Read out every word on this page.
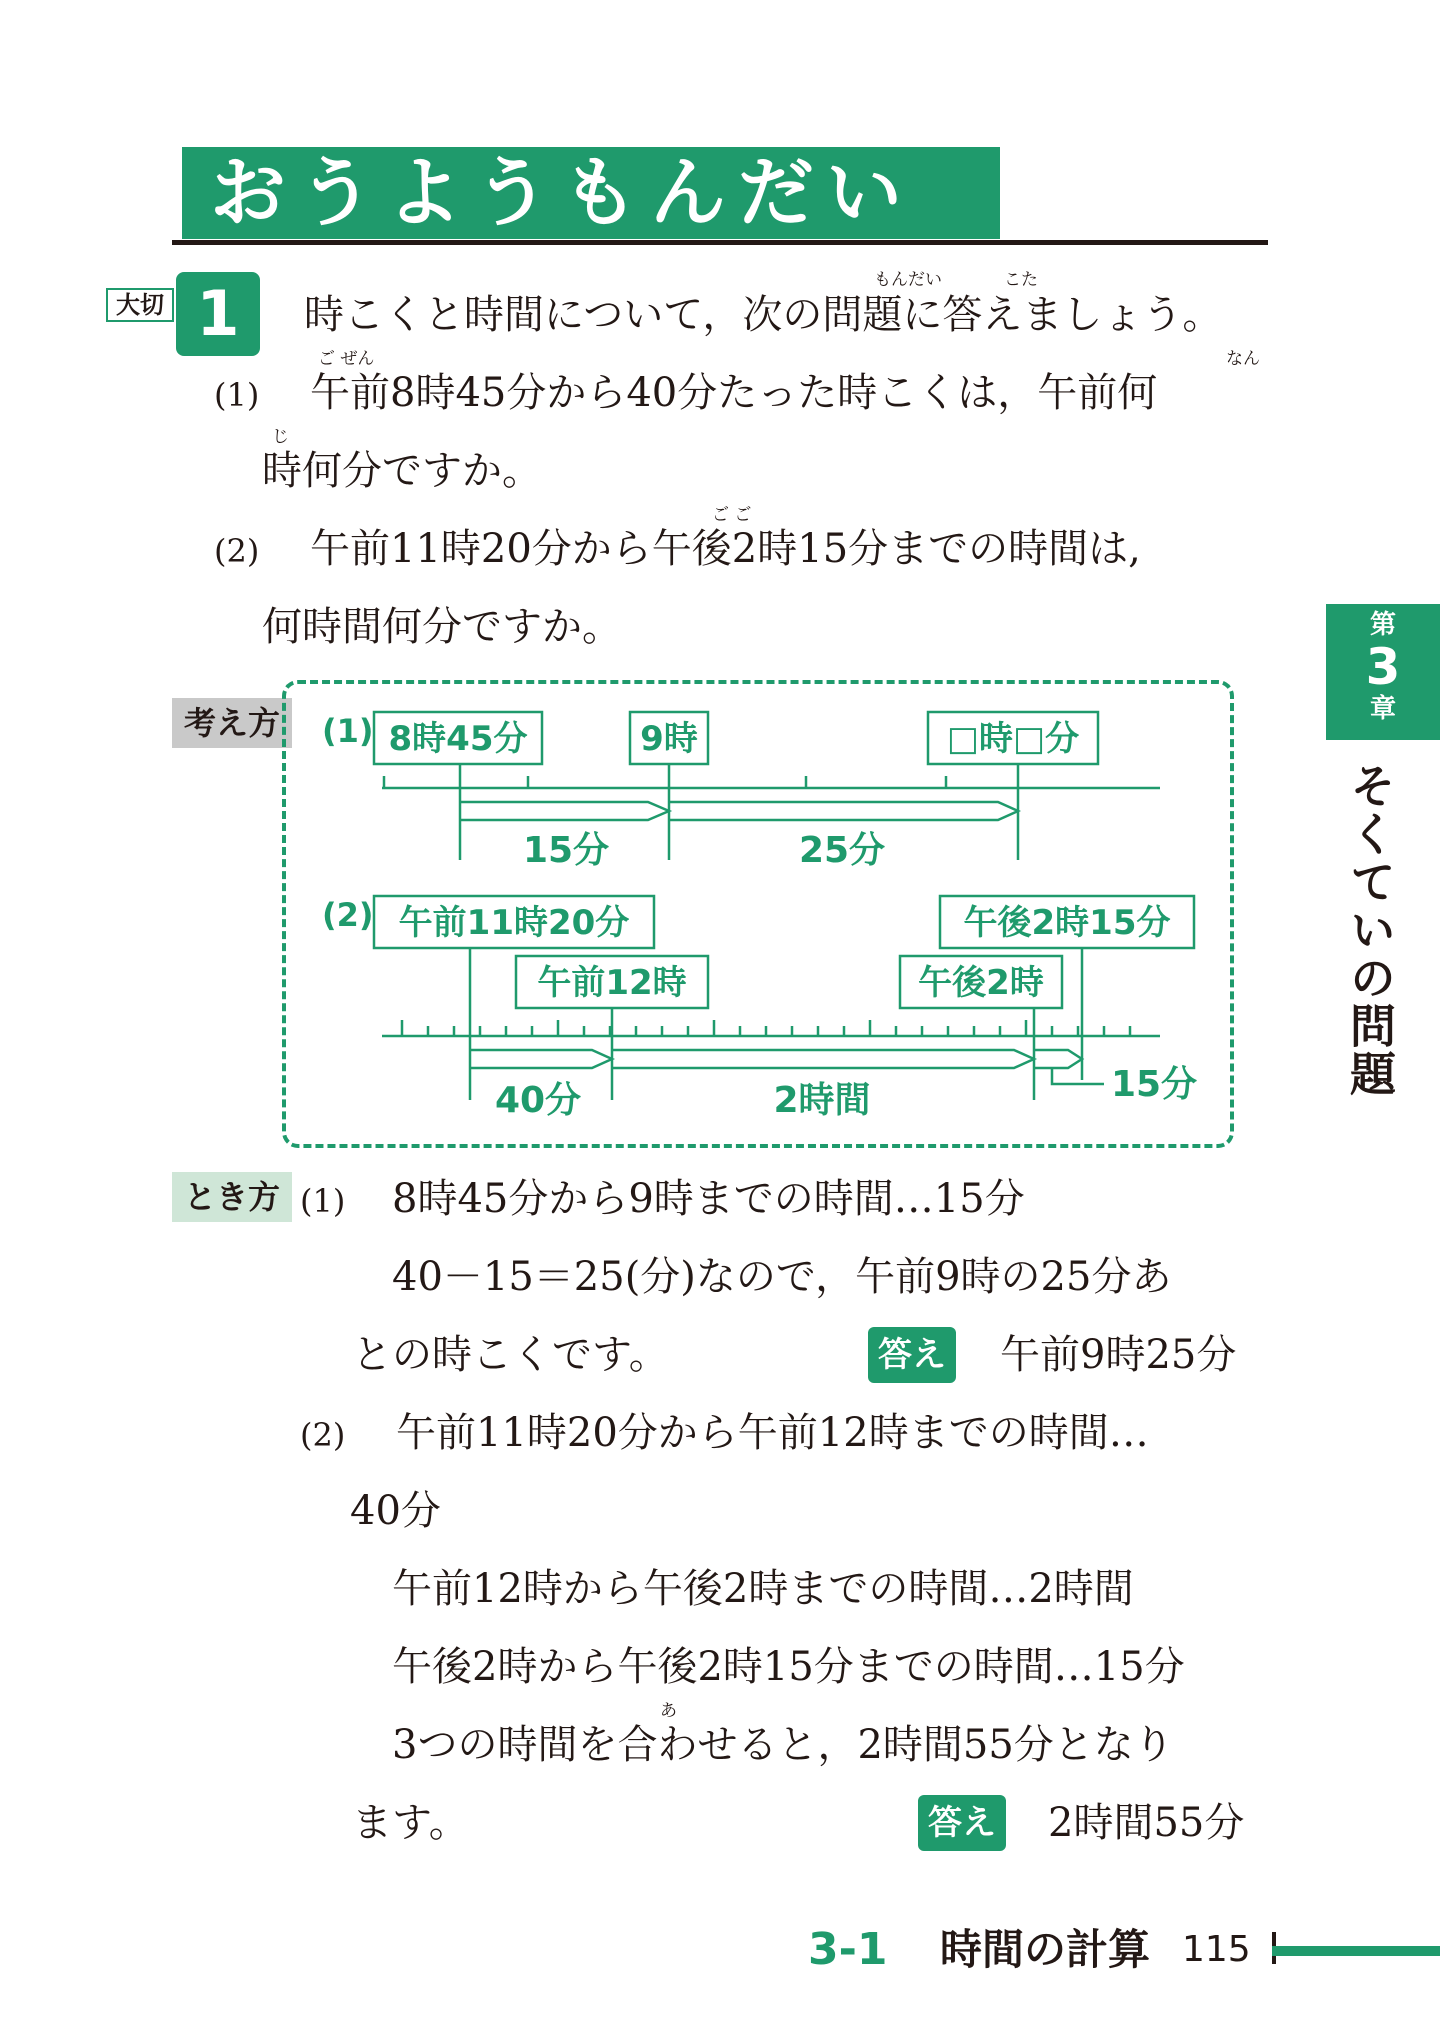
おうようもんだい
大切 1	もんだい	こた
時こくと時間について，次の問題に答えましょう。
ご ぜん	なん
(1) 午前8時45分から40分たった時こくは，午前何
じ
時何分ですか。
ご ご
(2) 午前11時20分から午後2時15分までの時間は,
何時間何分ですか。	第
3
章
そくていの問題
考え方	(1) 8時45分	9時	□時□分
15分	25分
(2) 午前11時20分	午後2時15分
午前12時	午後2時
40分	2時間	15分
とき方 (1) 8時45分から9時までの時間…15分
40－15＝25(分)なので，午前9時の25分あ
との時こくです。	答え 午前9時25分
(2) 午前11時20分から午前12時までの時間…
40分
午前12時から午後2時までの時間…2時間
午後2時から午後2時15分までの時間…15分
あ
3つの時間を合わせると，2時間55分となり
ます。	答え 2時間55分
3-1 時間の計算 115
